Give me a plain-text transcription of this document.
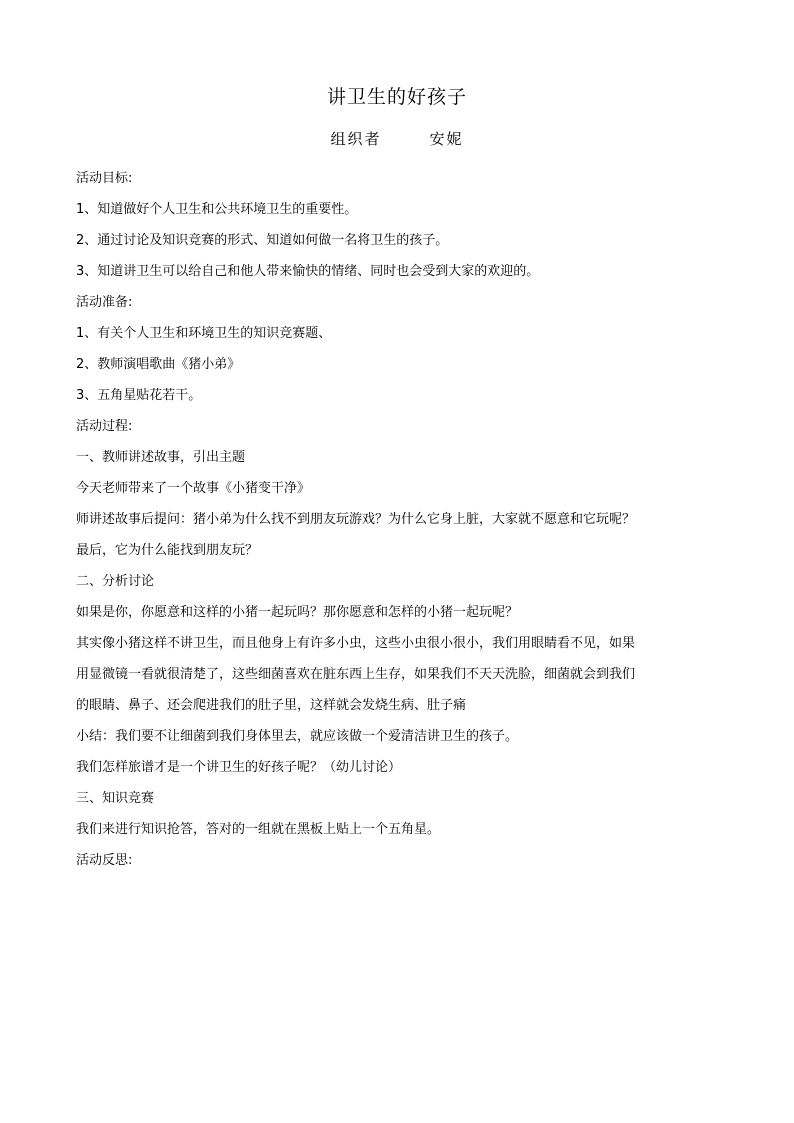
讲卫生的好孩子
组织者	安妮
活动目标:
1、知道做好个人卫生和公共环境卫生的重要性。
2、通过讨论及知识竞赛的形式、知道如何做一名将卫生的孩子。
3、知道讲卫生可以给自己和他人带来愉快的情绪、同时也会受到大家的欢迎的。
活动准备:
1、有关个人卫生和环境卫生的知识竞赛题、
2、教师演唱歌曲《猪小弟》
3、五角星贴花若干。
活动过程:
一、教师讲述故事，引出主题
今天老师带来了一个故事《小猪变干净》
师讲述故事后提问：猪小弟为什么找不到朋友玩游戏？为什么它身上脏，大家就不愿意和它玩呢？
最后，它为什么能找到朋友玩？
二、分析讨论
如果是你，你愿意和这样的小猪一起玩吗？那你愿意和怎样的小猪一起玩呢？
其实像小猪这样不讲卫生，而且他身上有许多小虫，这些小虫很小很小，我们用眼睛看不见，如果
用显微镜一看就很清楚了，这些细菌喜欢在脏东西上生存，如果我们不天天洗脸，细菌就会到我们
的眼睛、鼻子、还会爬进我们的肚子里，这样就会发烧生病、肚子痛
小结：我们要不让细菌到我们身体里去，就应该做一个爱清洁讲卫生的孩子。
我们怎样旅谱才是一个讲卫生的好孩子呢？（幼儿讨论）
三、知识竞赛
我们来进行知识抢答，答对的一组就在黑板上贴上一个五角星。
活动反思:
